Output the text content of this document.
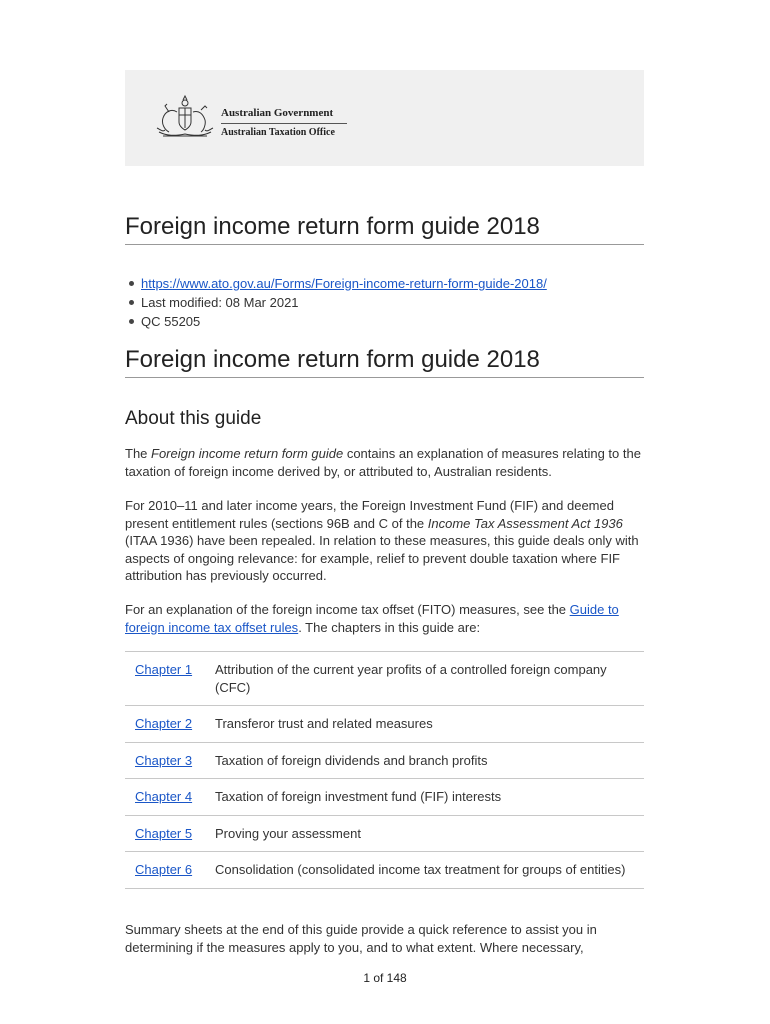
Australian Government
Australian Taxation Office
Foreign income return form guide 2018
https://www.ato.gov.au/Forms/Foreign-income-return-form-guide-2018/
Last modified: 08 Mar 2021
QC 55205
Foreign income return form guide 2018
About this guide

The Foreign income return form guide contains an explanation of measures relating to the taxation of foreign income derived by, or attributed to, Australian residents.

For 2010–11 and later income years, the Foreign Investment Fund (FIF) and deemed present entitlement rules (sections 96B and C of the Income Tax Assessment Act 1936 (ITAA 1936) have been repealed. In relation to these measures, this guide deals only with aspects of ongoing relevance: for example, relief to prevent double taxation where FIF attribution has previously occurred.

For an explanation of the foreign income tax offset (FITO) measures, see the Guide to foreign income tax offset rules. The chapters in this guide are:

Chapter 1	Attribution of the current year profits of a controlled foreign company (CFC)
Chapter 2	Transferor trust and related measures
Chapter 3	Taxation of foreign dividends and branch profits
Chapter 4	Taxation of foreign investment fund (FIF) interests
Chapter 5	Proving your assessment
Chapter 6	Consolidation (consolidated income tax treatment for groups of entities)

Summary sheets at the end of this guide provide a quick reference to assist you in determining if the measures apply to you, and to what extent. Where necessary,

1 of 148
